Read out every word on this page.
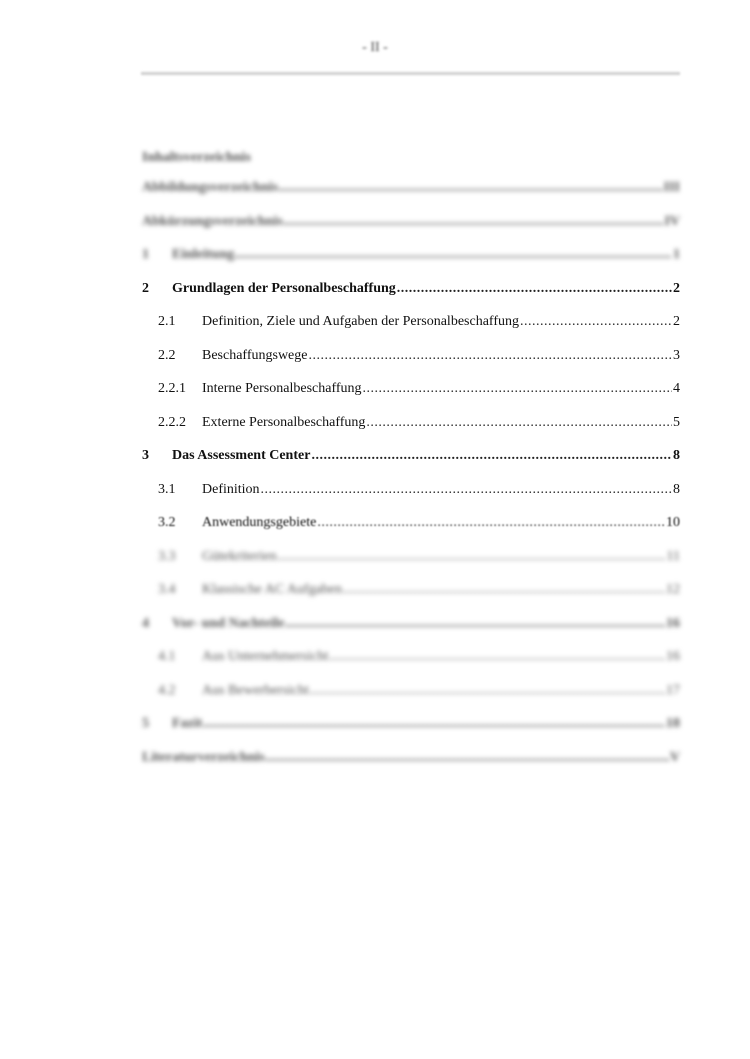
- II -
Inhaltsverzeichnis
Abbildungsverzeichnis .....	III
Abkürzungsverzeichnis .....	IV
1	Einleitung .....	1
2	Grundlagen der Personalbeschaffung .....	2
2.1	Definition, Ziele und Aufgaben der Personalbeschaffung .....	2
2.2	Beschaffungswege .....	3
2.2.1	Interne Personalbeschaffung .....	4
2.2.2	Externe Personalbeschaffung .....	5
3	Das Assessment Center .....	8
3.1	Definition .....	8
3.2	Anwendungsgebiete .....	10
3.3	Gütekriterien .....	11
3.4	Klassische AC Aufgaben .....	12
4	Vor- und Nachteile .....	16
4.1	Aus Unternehmersicht .....	16
4.2	Aus Bewerbersicht .....	17
5	Fazit .....	18
Literaturverzeichnis .....	V
